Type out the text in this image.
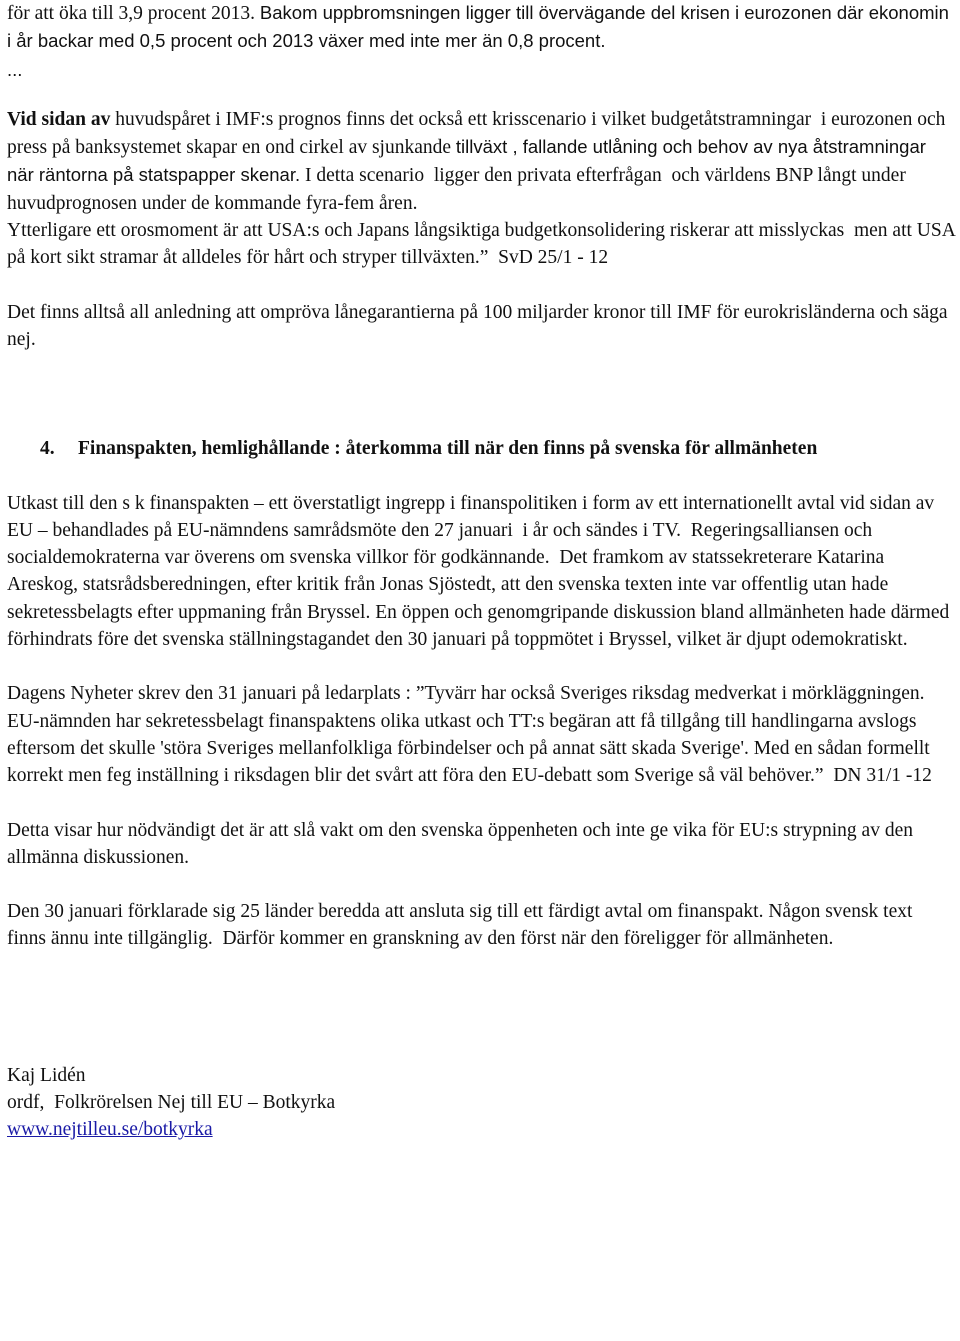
för att öka till 3,9 procent 2013. Bakom uppbromsningen ligger till övervägande del krisen i eurozonen där ekonomin i år backar med 0,5 procent och 2013 växer med inte mer än 0,8 procent.

...

Vid sidan av huvudspåret i IMF:s prognos finns det också ett krisscenario i vilket budgetåtstramningar  i eurozonen och press på banksystemet skapar en ond cirkel av sjunkande tillväxt , fallande utlåning och behov av nya åtstramningar när räntorna på statspapper skenar. I detta scenario  ligger den privata efterfrågan  och världens BNP långt under huvudprognosen under de kommande fyra-fem åren.

Ytterligare ett orosmoment är att USA:s och Japans långsiktiga budgetkonsolidering riskerar att misslyckas  men att USA på kort sikt stramar åt alldeles för hårt och stryper tillväxten.”  SvD 25/1 - 12

Det finns alltså all anledning att ompröva lånegarantierna på 100 miljarder kronor till IMF för eurokrisländerna och säga nej.

4. Finanspakten, hemlighållande : återkomma till när den finns på svenska för allmänheten

Utkast till den s k finanspakten – ett överstatligt ingrepp i finanspolitiken i form av ett internationellt avtal vid sidan av EU – behandlades på EU-nämndens samrådsmöte den 27 januari  i år och sändes i TV.  Regeringsalliansen och socialdemokraterna var överens om svenska villkor för godkännande.  Det framkom av statssekreterare Katarina Areskog, statsrådsberedningen, efter kritik från Jonas Sjöstedt, att den svenska texten inte var offentlig utan hade sekretessbelagts efter uppmaning från Bryssel. En öppen och genomgripande diskussion bland allmänheten hade därmed förhindrats före det svenska ställningstagandet den 30 januari på toppmötet i Bryssel, vilket är djupt odemokratiskt.

Dagens Nyheter skrev den 31 januari på ledarplats : ”Tyvärr har också Sveriges riksdag medverkat i mörkläggningen. EU-nämnden har sekretessbelagt finanspaktens olika utkast och TT:s begäran att få tillgång till handlingarna avslogs eftersom det skulle 'störa Sveriges mellanfolkliga förbindelser och på annat sätt skada Sverige'. Med en sådan formellt korrekt men feg inställning i riksdagen blir det svårt att föra den EU-debatt som Sverige så väl behöver.”  DN 31/1 -12

Detta visar hur nödvändigt det är att slå vakt om den svenska öppenheten och inte ge vika för EU:s strypning av den allmänna diskussionen.

Den 30 januari förklarade sig 25 länder beredda att ansluta sig till ett färdigt avtal om finanspakt. Någon svensk text finns ännu inte tillgänglig.  Därför kommer en granskning av den först när den föreligger för allmänheten.

Kaj Lidén

ordf,  Folkrörelsen Nej till EU – Botkyrka

www.nejtilleu.se/botkyrka
